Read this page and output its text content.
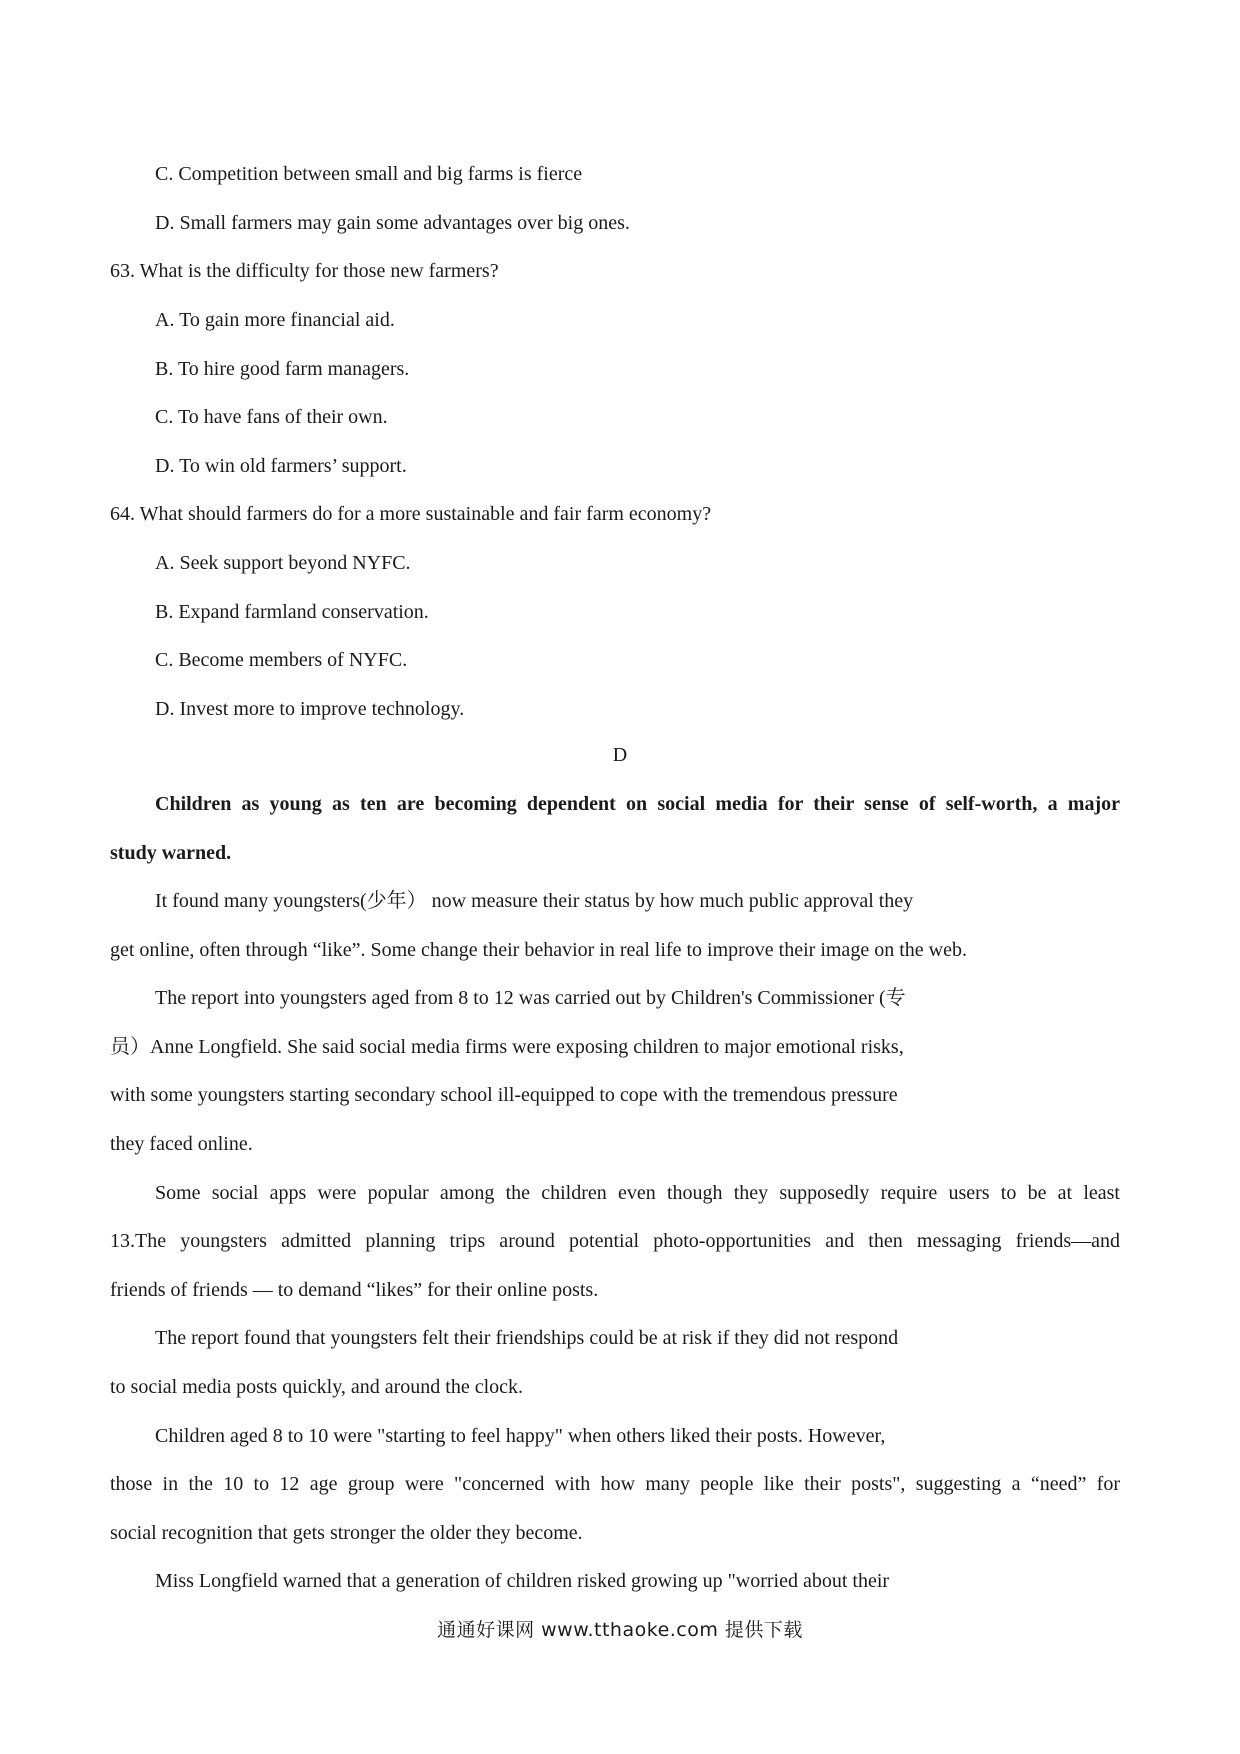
C. Competition between small and big farms is fierce
D. Small farmers may gain some advantages over big ones.
63. What is the difficulty for those new farmers?
A. To gain more financial aid.
B. To hire good farm managers.
C. To have fans of their own.
D. To win old farmers’ support.
64. What should farmers do for a more sustainable and fair farm economy?
A. Seek support beyond NYFC.
B. Expand farmland conservation.
C. Become members of NYFC.
D. Invest more to improve technology.
D
Children as young as ten are becoming dependent on social media for their sense of self-worth, a major
study warned.
It found many youngsters(少年） now measure their status by how much public approval they
get online, often through “like”. Some change their behavior in real life to improve their image on the web.
The report into youngsters aged from 8 to 12 was carried out by Children's Commissioner (专
员）Anne Longfield. She said social media firms were exposing children to major emotional risks,
with some youngsters starting secondary school ill-equipped to cope with the tremendous pressure
they faced online.
Some social apps were popular among the children even though they supposedly require users to be at least
13.The youngsters admitted planning trips around potential photo-opportunities and then messaging friends—and
friends of friends — to demand “likes” for their online posts.
The report found that youngsters felt their friendships could be at risk if they did not respond
to social media posts quickly, and around the clock.
Children aged 8 to 10 were "starting to feel happy" when others liked their posts. However,
those in the 10 to 12 age group were "concerned with how many people like their posts", suggesting a “need” for
social recognition that gets stronger the older they become.
Miss Longfield warned that a generation of children risked growing up "worried about their
通通好课网 www.tthaoke.com 提供下载
